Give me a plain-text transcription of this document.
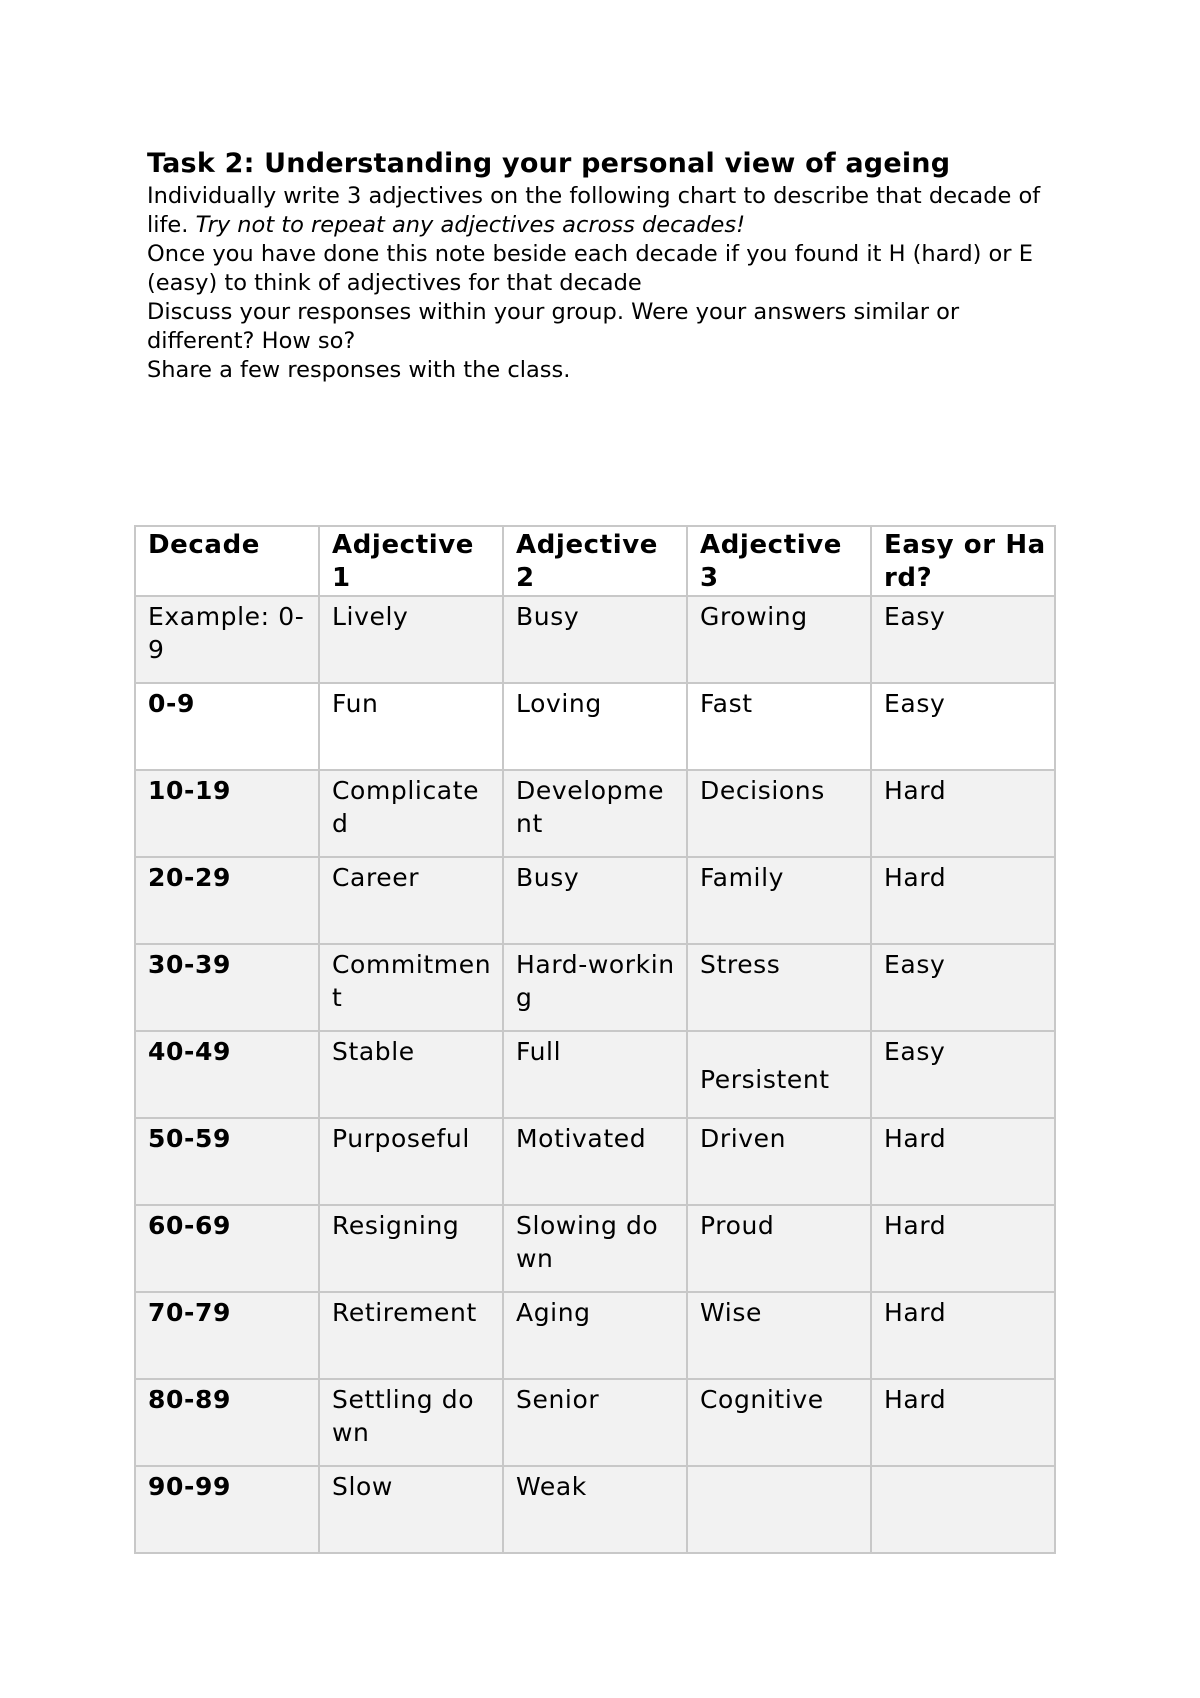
Task 2: Understanding your personal view of ageing

Individually write 3 adjectives on the following chart to describe that decade of life. Try not to repeat any adjectives across decades!

Once you have done this note beside each decade if you found it H (hard) or E (easy) to think of adjectives for that decade

Discuss your responses within your group. Were your answers similar or different? How so?

Share a few responses with the class.

Decade	Adjective 1	Adjective 2	Adjective 3	Easy or Hard?
Example: 0-9	Lively	Busy	Growing	Easy
0-9	Fun	Loving	Fast	Easy
10-19	Complicated	Development	Decisions	Hard
20-29	Career	Busy	Family	Hard
30-39	Commitment	Hard-working	Stress	Easy
40-49	Stable	Full	Persistent	Easy
50-59	Purposeful	Motivated	Driven	Hard
60-69	Resigning	Slowing down	Proud	Hard
70-79	Retirement	Aging	Wise	Hard
80-89	Settling down	Senior	Cognitive	Hard
90-99	Slow	Weak		
